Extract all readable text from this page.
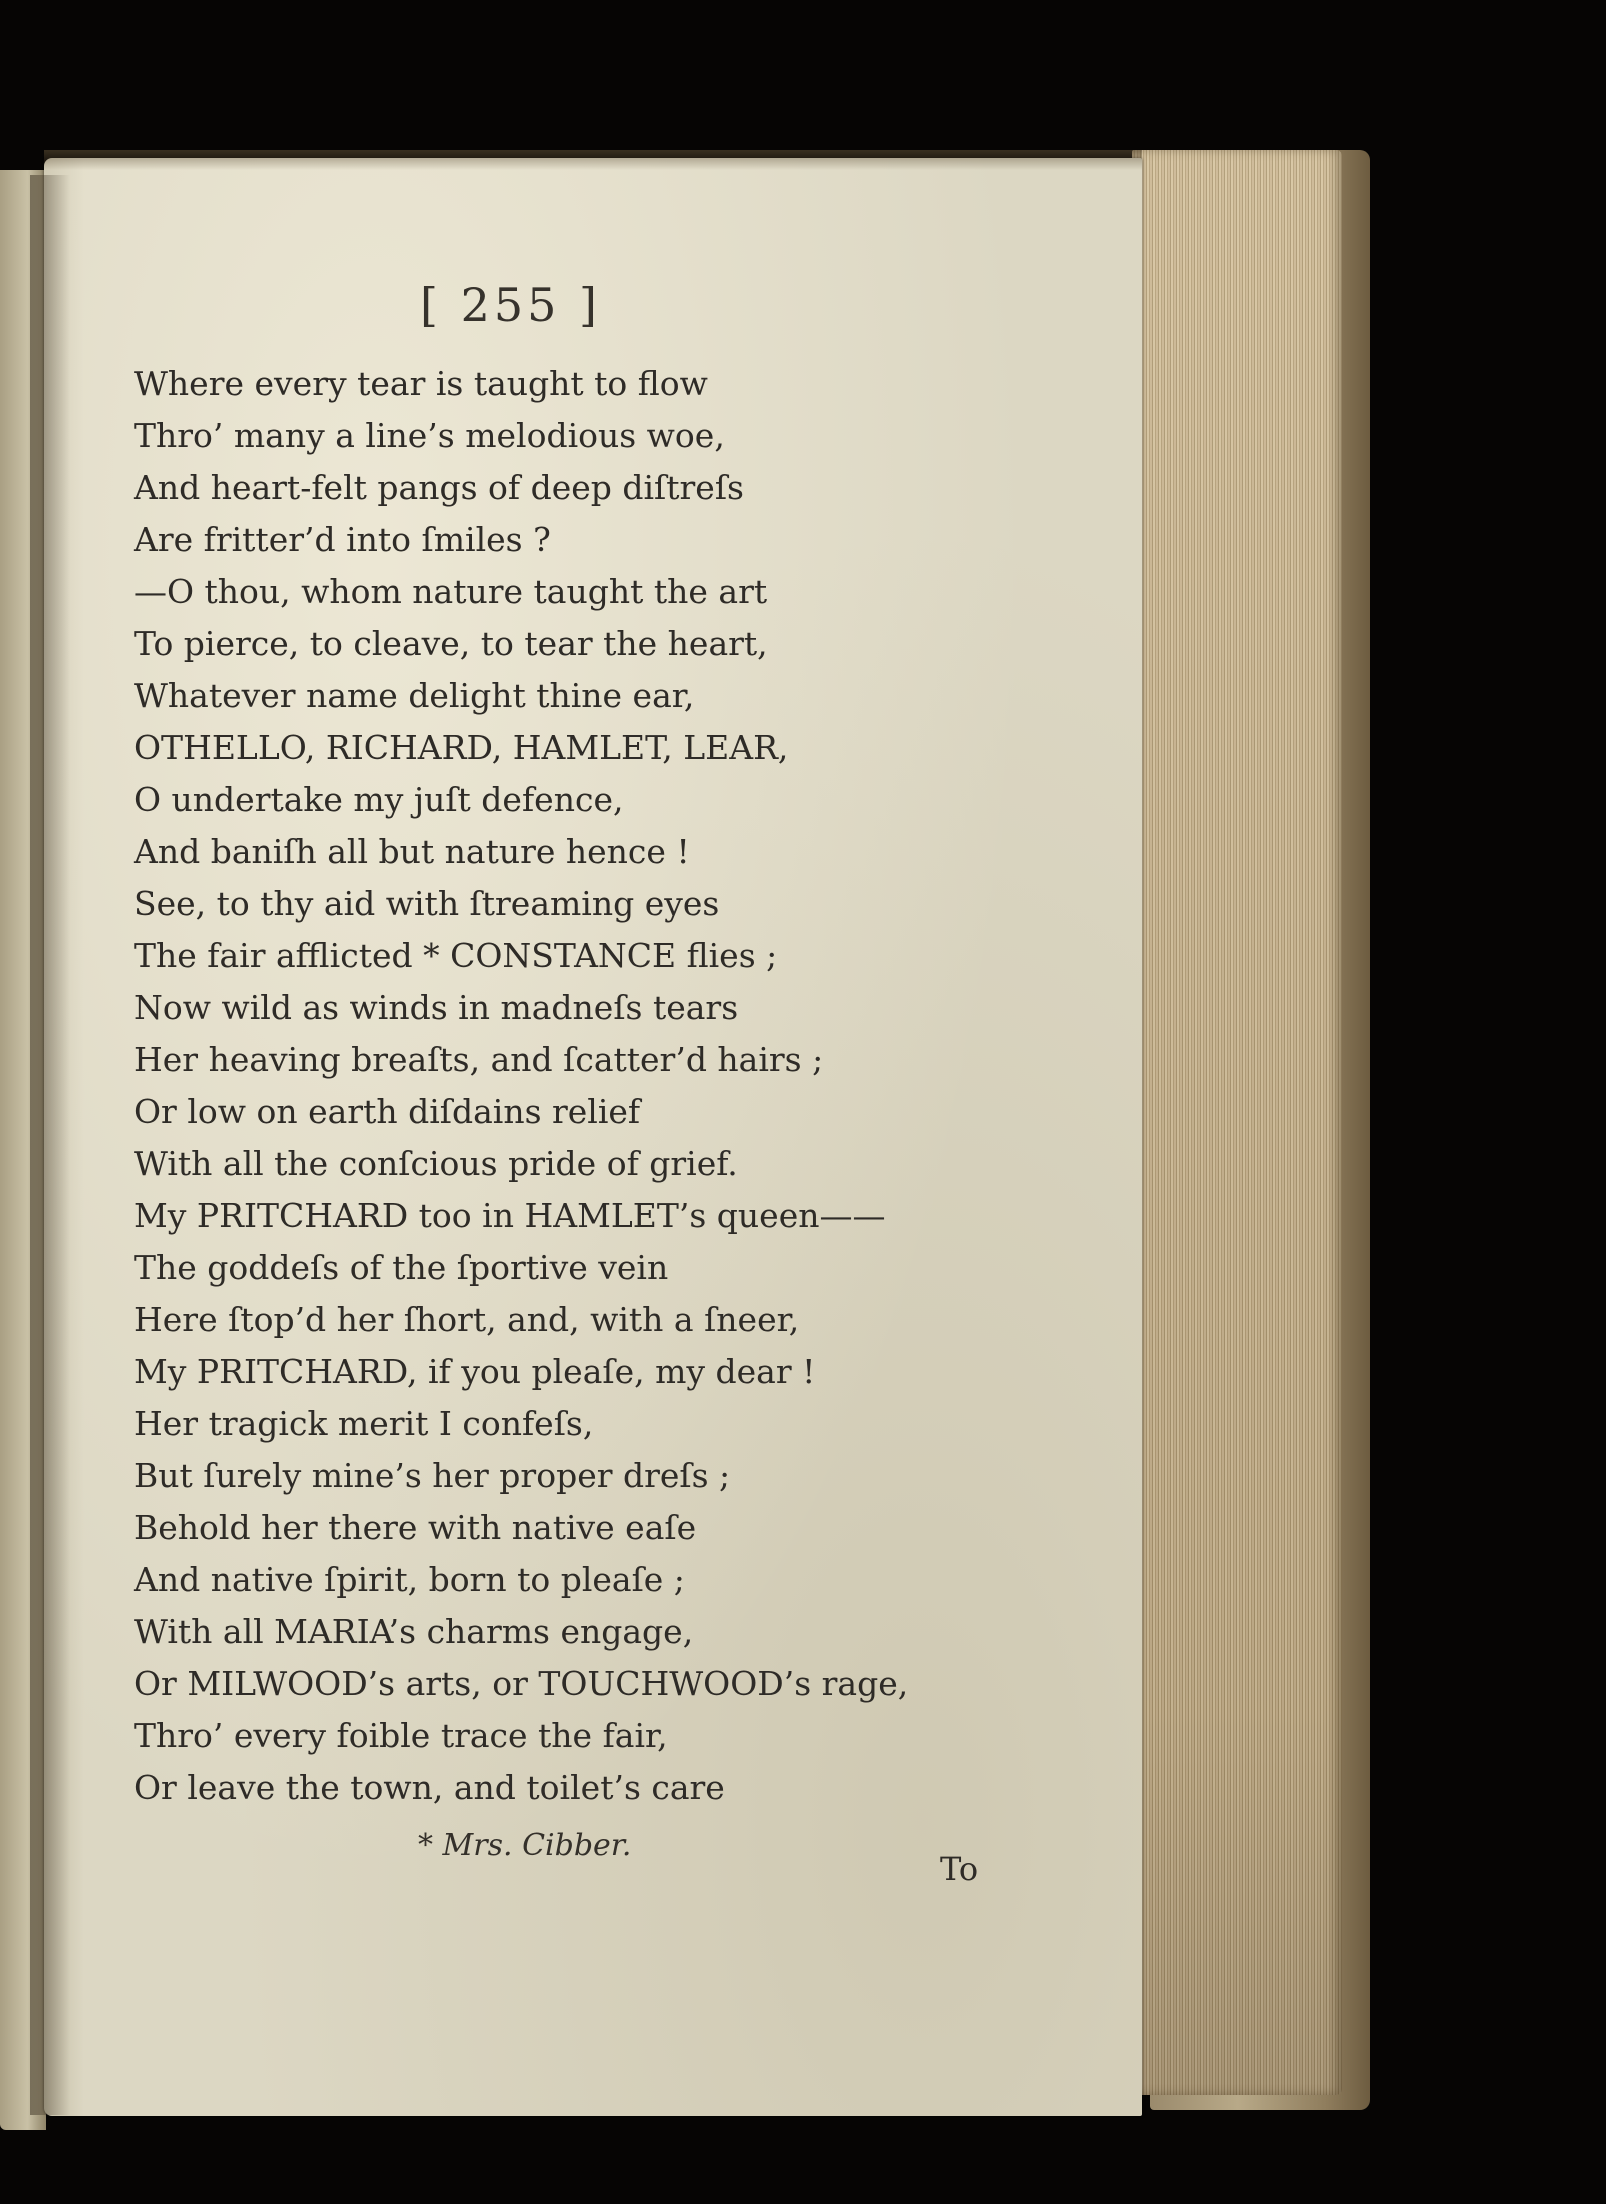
[ 255 ]
Where every tear is taught to flow
Thro’ many a line’s melodious woe,
And heart-felt pangs of deep diſtreſs
Are fritter’d into ſmiles ?
—O thou, whom nature taught the art
To pierce, to cleave, to tear the heart,
Whatever name delight thine ear,
OTHELLO, RICHARD, HAMLET, LEAR,
O undertake my juſt defence,
And baniſh all but nature hence !
See, to thy aid with ſtreaming eyes
The fair afflicted * CONSTANCE flies ;
Now wild as winds in madneſs tears
Her heaving breaſts, and ſcatter’d hairs ;
Or low on earth diſdains relief
With all the conſcious pride of grief.
My PRITCHARD too in HAMLET’s queen——
The goddeſs of the ſportive vein
Here ſtop’d her ſhort, and, with a ſneer,
My PRITCHARD, if you pleaſe, my dear !
Her tragick merit I confeſs,
But ſurely mine’s her proper dreſs ;
Behold her there with native eaſe
And native ſpirit, born to pleaſe ;
With all MARIA’s charms engage,
Or MILWOOD’s arts, or TOUCHWOOD’s rage,
Thro’ every foible trace the fair,
Or leave the town, and toilet’s care
* Mrs. Cibber.
To
